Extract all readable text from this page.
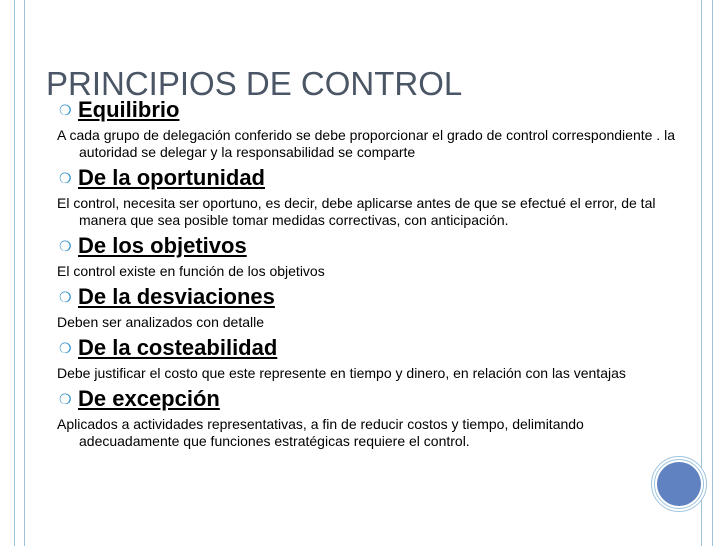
❍ Equilibrio

A cada grupo de delegación conferido se debe proporcionar el grado de control correspondiente . la autoridad se delegar y la responsabilidad se comparte

❍ De la oportunidad

El control, necesita ser oportuno, es decir, debe aplicarse antes de que se efectué el error, de tal manera que sea posible tomar medidas correctivas, con anticipación.

❍ De los objetivos

El control existe en función de los objetivos

❍ De la desviaciones

Deben ser analizados con detalle

❍ De la costeabilidad

Debe justificar el costo que este represente en tiempo y dinero, en relación con las ventajas

❍ De excepción

Aplicados a actividades representativas, a fin de reducir costos y tiempo, delimitando adecuadamente que funciones estratégicas requiere el control.

PRINCIPIOS DE CONTROL
